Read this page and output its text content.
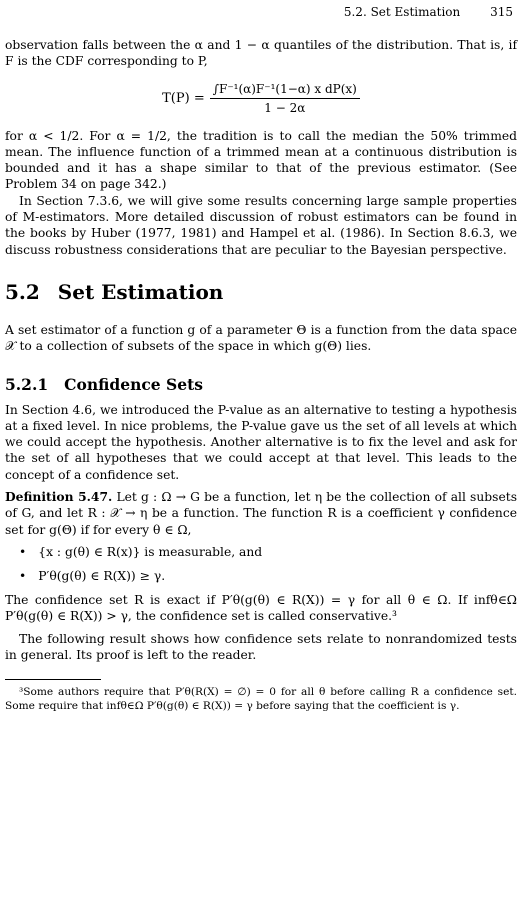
5.2. Set Estimation 315

observation falls between the α and 1 − α quantiles of the distribution. That is, if F is the CDF corresponding to P,

$T(P) = \frac{\text{∫F⁻¹(α)F⁻¹(1−α) x dP(x)}}{1 - 2\alpha}$

for α < 1/2. For α = 1/2, the tradition is to call the median the 50% trimmed mean. The influence function of a trimmed mean at a continuous distribution is bounded and it has a shape similar to that of the previous estimator. (See Problem 34 on page 342.)

In Section 7.3.6, we will give some results concerning large sample properties of M-estimators. More detailed discussion of robust estimators can be found in the books by Huber (1977, 1981) and Hampel et al. (1986). In Section 8.6.3, we discuss robustness considerations that are peculiar to the Bayesian perspective.

5.2 Set Estimation

A set estimator of a function g of a parameter Θ is a function from the data space 𝒳 to a collection of subsets of the space in which g(Θ) lies.

5.2.1 Confidence Sets

In Section 4.6, we introduced the P-value as an alternative to testing a hypothesis at a fixed level. In nice problems, the P-value gave us the set of all levels at which we could accept the hypothesis. Another alternative is to fix the level and ask for the set of all hypotheses that we could accept at that level. This leads to the concept of a confidence set.

Definition 5.47. Let g : Ω → G be a function, let η be the collection of all subsets of G, and let R : 𝒳 → η be a function. The function R is a coefficient γ confidence set for g(Θ) if for every θ ∈ Ω,

• {x : g(θ) ∈ R(x)} is measurable, and
• P′θ(g(θ) ∈ R(X)) ≥ γ.

The confidence set R is exact if P′θ(g(θ) ∈ R(X)) = γ for all θ ∈ Ω. If infθ∈Ω P′θ(g(θ) ∈ R(X)) > γ, the confidence set is called conservative.³

The following result shows how confidence sets relate to nonrandomized tests in general. Its proof is left to the reader.

³Some authors require that P′θ(R(X) = ∅) = 0 for all θ before calling R a confidence set. Some require that infθ∈Ω P′θ(g(θ) ∈ R(X)) = γ before saying that the coefficient is γ.
